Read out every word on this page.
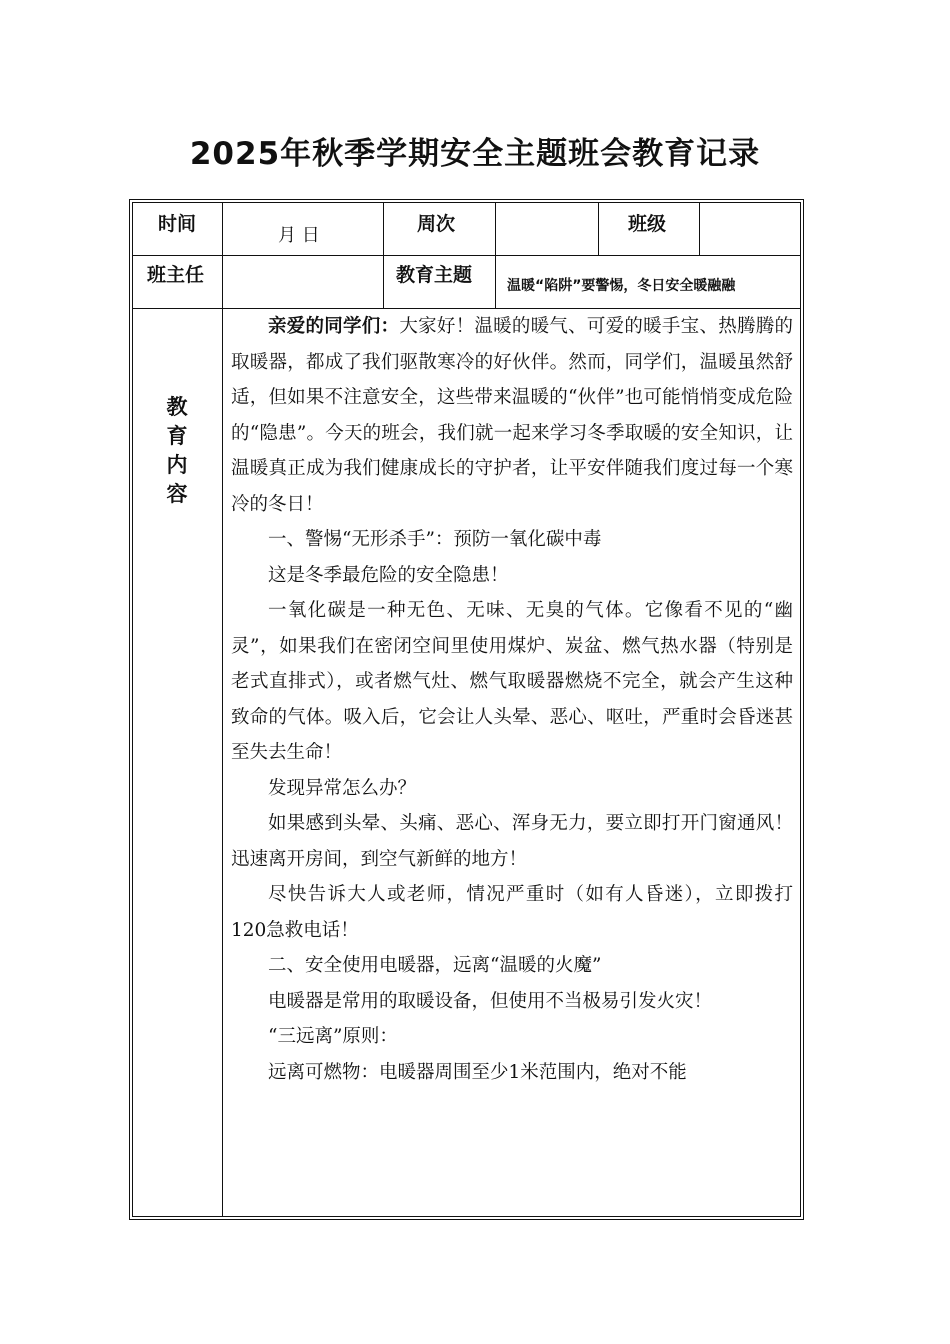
2025年秋季学期安全主题班会教育记录
时间
月 日
周次	班级
班主任	教育主题 温暖“陷阱”要警惕，冬日安全暖融融
教育内容

亲爱的同学们：大家好！温暖的暖气、可爱的暖手宝、热腾腾的取暖器，都成了我们驱散寒冷的好伙伴。然而，同学们，温暖虽然舒适，但如果不注意安全，这些带来温暖的“伙伴”也可能悄悄变成危险的“隐患”。今天的班会，我们就一起来学习冬季取暖的安全知识，让温暖真正成为我们健康成长的守护者，让平安伴随我们度过每一个寒冷的冬日！

一、警惕“无形杀手”：预防一氧化碳中毒

这是冬季最危险的安全隐患！

一氧化碳是一种无色、无味、无臭的气体。它像看不见的“幽灵”，如果我们在密闭空间里使用煤炉、炭盆、燃气热水器（特别是老式直排式），或者燃气灶、燃气取暖器燃烧不完全，就会产生这种致命的气体。吸入后，它会让人头晕、恶心、呕吐，严重时会昏迷甚至失去生命！

发现异常怎么办？

如果感到头晕、头痛、恶心、浑身无力，要立即打开门窗通风！迅速离开房间，到空气新鲜的地方！

尽快告诉大人或老师，情况严重时（如有人昏迷），立即拨打120急救电话！

二、安全使用电暖器，远离“温暖的火魔”

电暖器是常用的取暖设备，但使用不当极易引发火灾！

“三远离”原则：

远离可燃物：电暖器周围至少1米范围内，绝对不能
